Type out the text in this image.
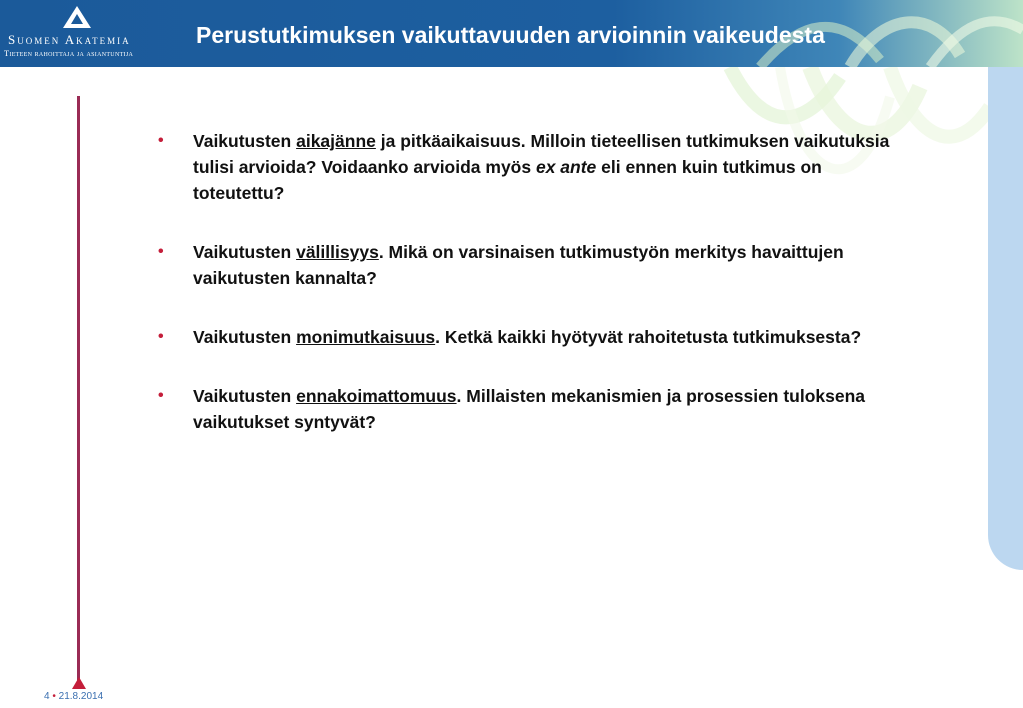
Suomen Akatemia
Tieteen rahoittaja ja asiantuntija
Perustutkimuksen vaikuttavuuden arvioinnin vaikeudesta
• Vaikutusten aikajänne ja pitkäaikaisuus. Milloin tieteellisen tutkimuksen vaikutuksia tulisi arvioida? Voidaanko arvioida myös ex ante eli ennen kuin tutkimus on toteutettu?
• Vaikutusten välillisyys. Mikä on varsinaisen tutkimustyön merkitys havaittujen vaikutusten kannalta?
• Vaikutusten monimutkaisuus. Ketkä kaikki hyötyvät rahoitetusta tutkimuksesta?
• Vaikutusten ennakoimattomuus. Millaisten mekanismien ja prosessien tuloksena vaikutukset syntyvät?
4 • 21.8.2014
